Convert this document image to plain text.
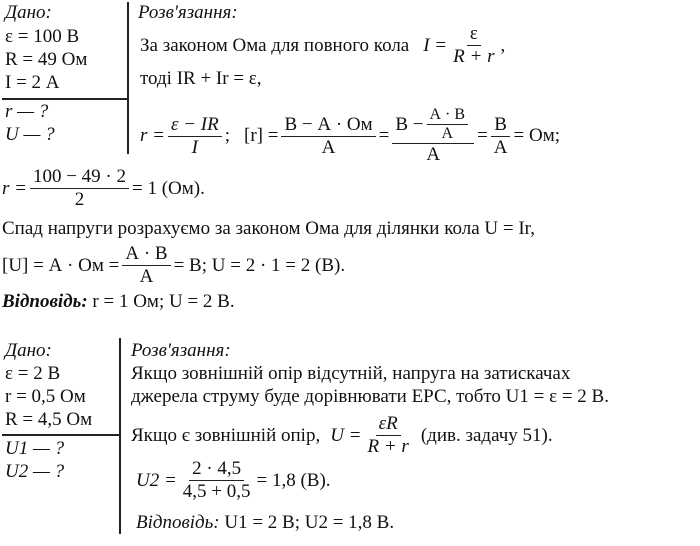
Дано:
ε = 100 В
R = 49 Ом
I = 2 А
r — ?
U — ?
Розв'язання:
За законом Ома для повного кола $I = \frac{\varepsilon}{R + r}$ ,
тоді IR + Ir = ε,
$r = \frac{\varepsilon - IR}{I}$ ; $[r] = \frac{В - А \cdot Ом}{А} = \frac{В - \frac{А \cdot В}{А}}{А} = \frac{В}{А}$ = Ом;
$r = \frac{100 - 49 \cdot 2}{2} = 1$ (Ом).
Спад напруги розрахуємо за законом Ома для ділянки кола U = Ir,
[U] = А · Ом = $\frac{А \cdot В}{А} = В$; U = 2 · 1 = 2 (В).
Відповідь: r = 1 Ом; U = 2 В.
Дано:
ε = 2 В
r = 0,5 Ом
R = 4,5 Ом
U1 — ?
U2 — ?
Розв'язання:
Якщо зовнішній опір відсутній, напруга на затискачах
джерела струму буде дорівнювати ЕРС, тобто U1 = ε = 2 В.
Якщо є зовнішній опір, $U = \frac{\varepsilon R}{R + r} (див$. задачу 51).
$U2 = \frac{2 \cdot 4,5}{4,5 + 0,5} = 1,8$ (В).
Відповідь: U1 = 2 В; U2 = 1,8 В.
